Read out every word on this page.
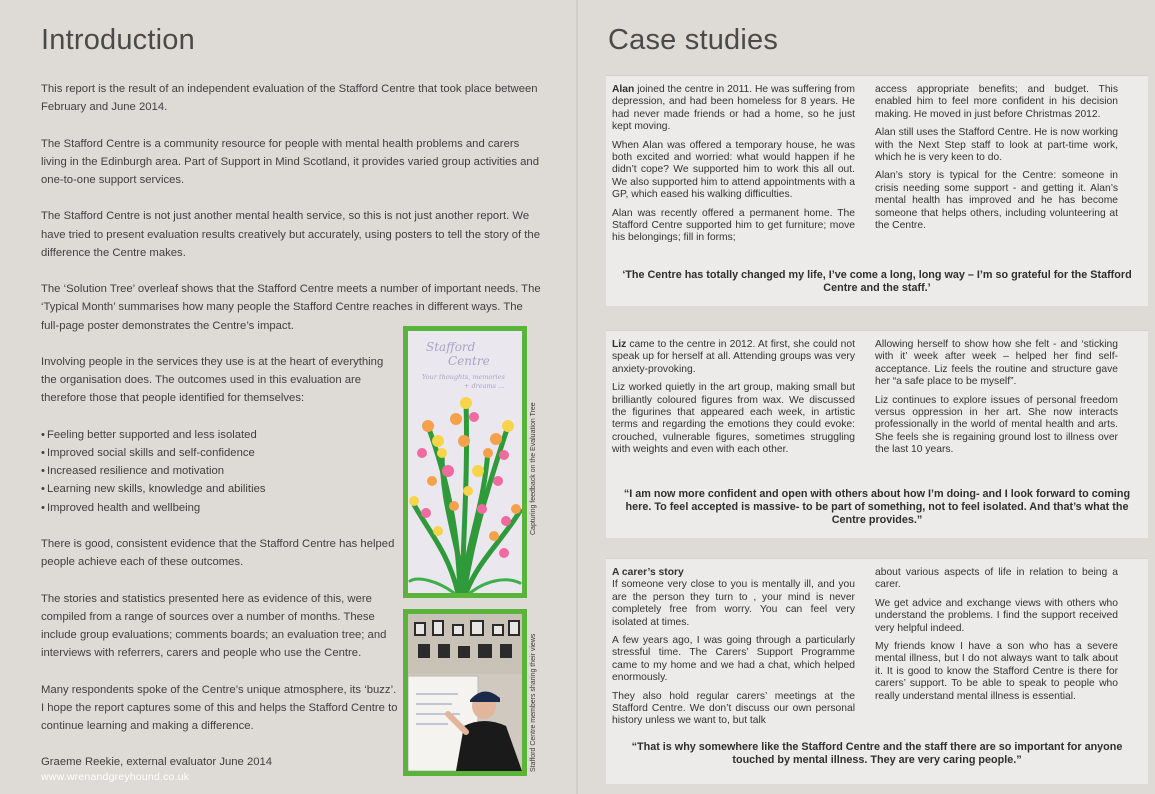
Introduction

This report is the result of an independent evaluation of the Stafford Centre that took place between February and June 2014.

The Stafford Centre is a community resource for people with mental health problems and carers living in the Edinburgh area. Part of Support in Mind Scotland, it provides varied group activities and one-to-one support services.

The Stafford Centre is not just another mental health service, so this is not just another report. We have tried to present evaluation results creatively but accurately, using posters to tell the story of the difference the Centre makes.

The ‘Solution Tree’ overleaf shows that the Stafford Centre meets a number of important needs. The ‘Typical Month’ summarises how many people the Stafford Centre reaches in different ways. The full-page poster demonstrates the Centre’s impact.

Involving people in the services they use is at the heart of everything the organisation does. The outcomes used in this evaluation are therefore those that people identified for themselves:

• Feeling better supported and less isolated
• Improved social skills and self-confidence
• Increased resilience and motivation
• Learning new skills, knowledge and abilities
• Improved health and wellbeing

There is good, consistent evidence that the Stafford Centre has helped people achieve each of these outcomes.

The stories and statistics presented here as evidence of this, were compiled from a range of sources over a number of months. These include group evaluations; comments boards; an evaluation tree; and interviews with referrers, carers and people who use the Centre.

Many respondents spoke of the Centre’s unique atmosphere, its ‘buzz’. I hope the report captures some of this and helps the Stafford Centre to continue learning and making a difference.

Graeme Reekie, external evaluator June 2014

www.wrenandgreyhound.co.uk
Stafford
Centre
Your thoughts, memories
+ dreams ...
Capturing feedback on the Evaluation Tree
Stafford Centre members sharing their views
Case studies

Alan joined the centre in 2011. He was suffering from depression, and had been homeless for 8 years. He had never made friends or had a home, so he just kept moving.

When Alan was offered a temporary house, he was both excited and worried: what would happen if he didn’t cope? We supported him to work this all out. We also supported him to attend appointments with a GP, which eased his walking difficulties.

Alan was recently offered a permanent home. The Stafford Centre supported him to get furniture; move his belongings; fill in forms;

access appropriate benefits; and budget. This enabled him to feel more confident in his decision making. He moved in just before Christmas 2012.

Alan still uses the Stafford Centre. He is now working with the Next Step staff to look at part-time work, which he is very keen to do.

Alan’s story is typical for the Centre: someone in crisis needing some support - and getting it. Alan’s mental health has improved and he has become someone that helps others, including volunteering at the Centre.

‘The Centre has totally changed my life, I’ve come a long, long way – I’m so grateful for the Stafford Centre and the staff.’

Liz came to the centre in 2012. At first, she could not speak up for herself at all. Attending groups was very anxiety-provoking.

Liz worked quietly in the art group, making small but brilliantly coloured figures from wax. We discussed the figurines that appeared each week, in artistic terms and regarding the emotions they could evoke: crouched, vulnerable figures, sometimes struggling with weights and even with each other.

Allowing herself to show how she felt - and ‘sticking with it’ week after week – helped her find self-acceptance. Liz feels the routine and structure gave her “a safe place to be myself”.

Liz continues to explore issues of personal freedom versus oppression in her art. She now interacts professionally in the world of mental health and arts. She feels she is regaining ground lost to illness over the last 10 years.

“I am now more confident and open with others about how I’m doing- and I look forward to coming here. To feel accepted is massive- to be part of something, not to feel isolated. And that’s what the Centre provides.”

A carer’s story
If someone very close to you is mentally ill, and you are the person they turn to , your mind is never completely free from worry. You can feel very isolated at times.

A few years ago, I was going through a particularly stressful time. The Carers’ Support Programme came to my home and we had a chat, which helped enormously.

They also hold regular carers’ meetings at the Stafford Centre. We don’t discuss our own personal history unless we want to, but talk

about various aspects of life in relation to being a carer.

We get advice and exchange views with others who understand the problems. I find the support received very helpful indeed.

My friends know I have a son who has a severe mental illness, but I do not always want to talk about it. It is good to know the Stafford Centre is there for carers’ support. To be able to speak to people who really understand mental illness is essential.

“That is why somewhere like the Stafford Centre and the staff there are so important for anyone touched by mental illness. They are very caring people.”
